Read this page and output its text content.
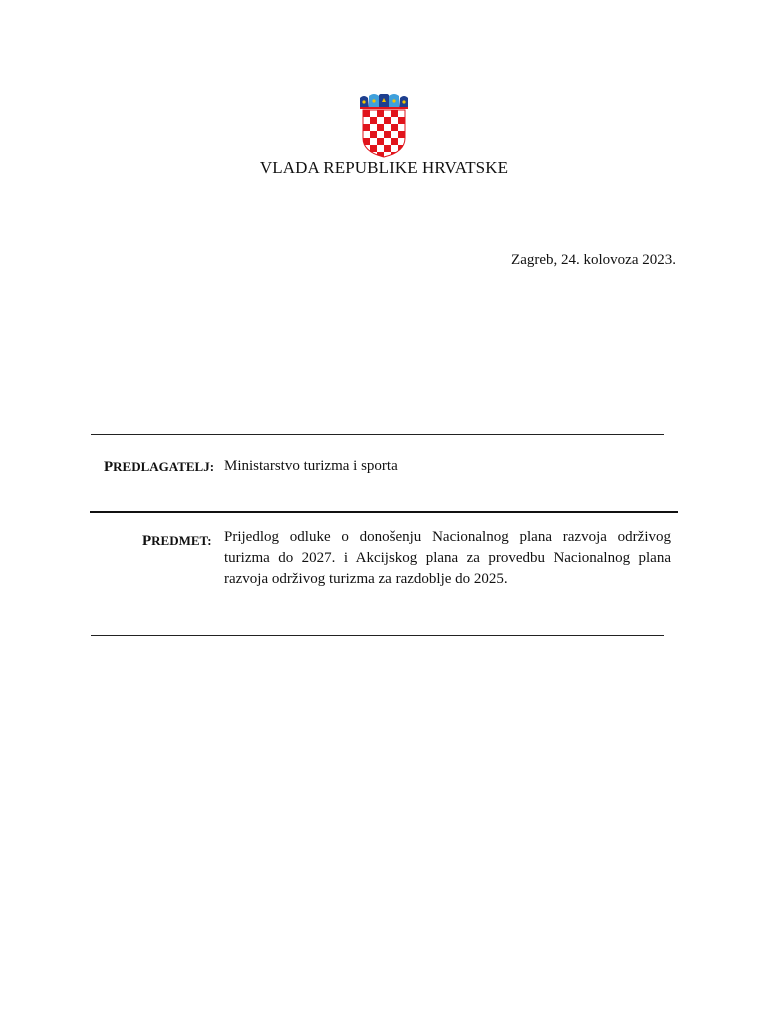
VLADA REPUBLIKE HRVATSKE
Zagreb, 24. kolovoza 2023.
PREDLAGATELJ: Ministarstvo turizma i sporta
PREDMET: Prijedlog odluke o donošenju Nacionalnog plana razvoja održivog turizma do 2027. i Akcijskog plana za provedbu Nacionalnog plana razvoja održivog turizma za razdoblje do 2025.
